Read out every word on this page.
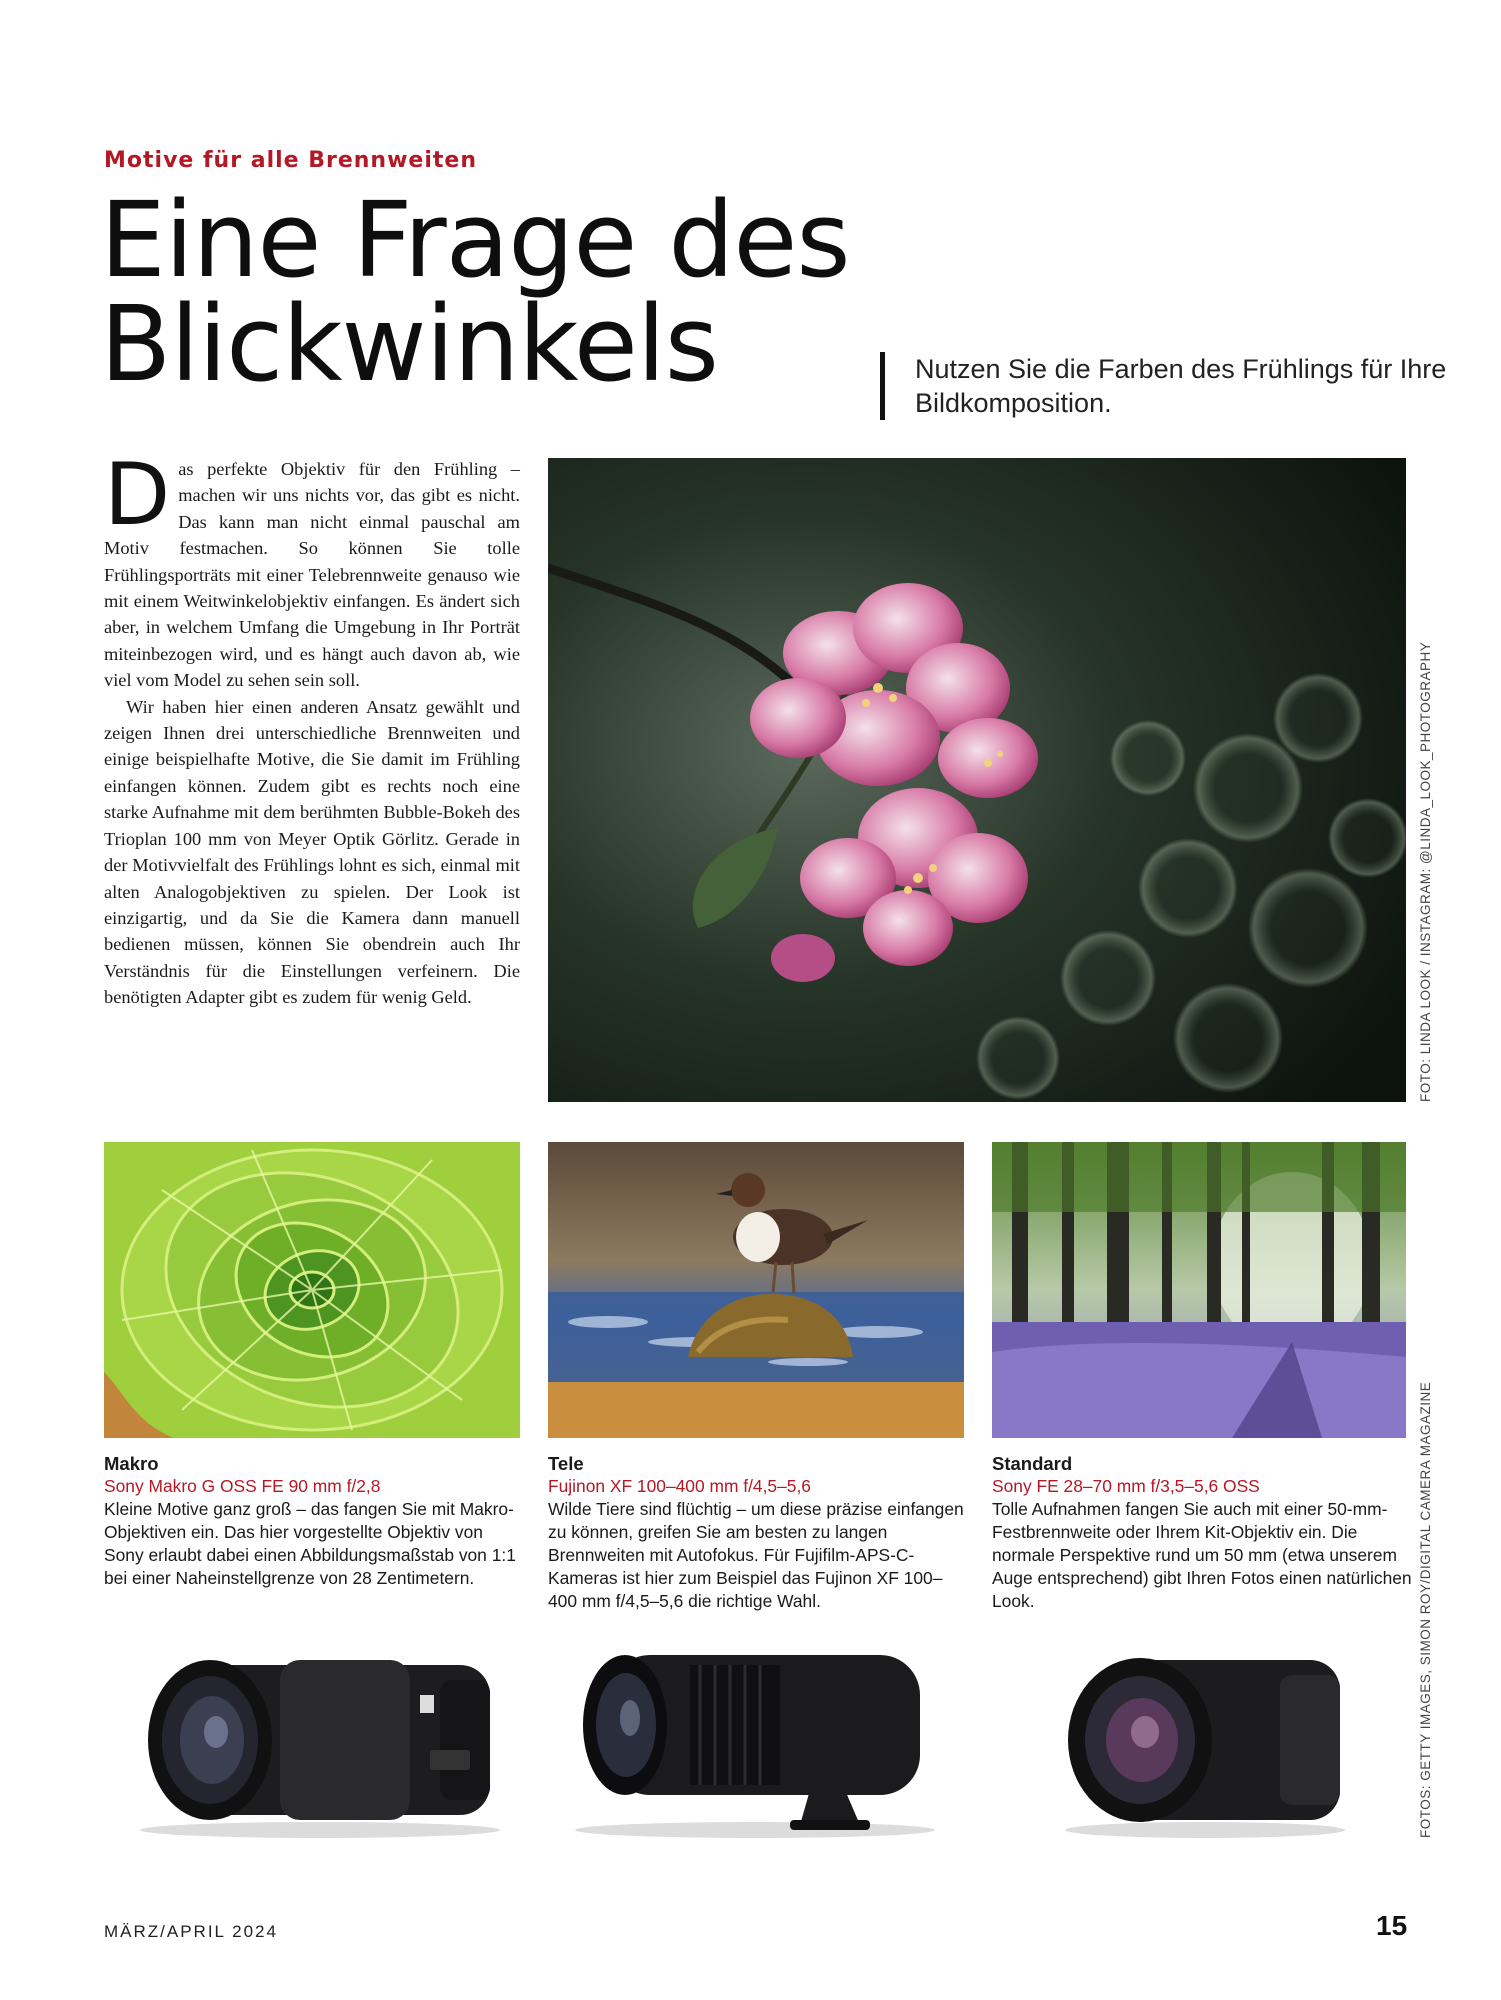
Motive für alle Brennweiten
Eine Frage des
Blickwinkels	Nutzen Sie die Farben des Frühlings für Ihre Bildkomposition.

Das perfekte Objektiv für den Frühling – machen wir uns nichts vor, das gibt es nicht. Das kann man nicht einmal pauschal am Motiv festmachen. So können Sie tolle Frühlingsporträts mit einer Telebrennweite genauso wie mit einem Weitwinkelobjektiv einfangen. Es ändert sich aber, in welchem Umfang die Umgebung in Ihr Porträt miteinbezogen wird, und es hängt auch davon ab, wie viel vom Model zu sehen sein soll.

Wir haben hier einen anderen Ansatz gewählt und zeigen Ihnen drei unterschiedliche Brennweiten und einige beispielhafte Motive, die Sie damit im Frühling einfangen können. Zudem gibt es rechts noch eine starke Aufnahme mit dem berühmten Bubble-Bokeh des Trioplan 100 mm von Meyer Optik Görlitz. Gerade in der Motivvielfalt des Frühlings lohnt es sich, einmal mit alten Analogobjektiven zu spielen. Der Look ist einzigartig, und da Sie die Kamera dann manuell bedienen müssen, können Sie obendrein auch Ihr Verständnis für die Einstellungen verfeinern. Die benötigten Adapter gibt es zudem für wenig Geld.	FOTO: LINDA LOOK / INSTAGRAM: @LINDA_LOOK_PHOTOGRAPHY
Makro
Sony Makro G OSS FE 90 mm f/2,8
Kleine Motive ganz groß – das fangen Sie mit Makro-Objektiven ein. Das hier vorgestellte Objektiv von Sony erlaubt dabei einen Abbildungsmaßstab von 1:1 bei einer Naheinstellgrenze von 28 Zentimetern.
Tele
Fujinon XF 100–400 mm f/4,5–5,6
Wilde Tiere sind flüchtig – um diese präzise einfangen zu können, greifen Sie am besten zu langen Brennweiten mit Autofokus. Für Fujifilm-APS-C-Kameras ist hier zum Beispiel das Fujinon XF 100–400 mm f/4,5–5,6 die richtige Wahl.
Standard
Sony FE 28–70 mm f/3,5–5,6 OSS
Tolle Aufnahmen fangen Sie auch mit einer 50-mm-Festbrennweite oder Ihrem Kit-Objektiv ein. Die normale Perspektive rund um 50 mm (etwa unserem Auge entsprechend) gibt Ihren Fotos einen natürlichen Look.	FOTOS: GETTY IMAGES, SIMON ROY/DIGITAL CAMERA MAGAZINE
MÄRZ/APRIL 2024	15
